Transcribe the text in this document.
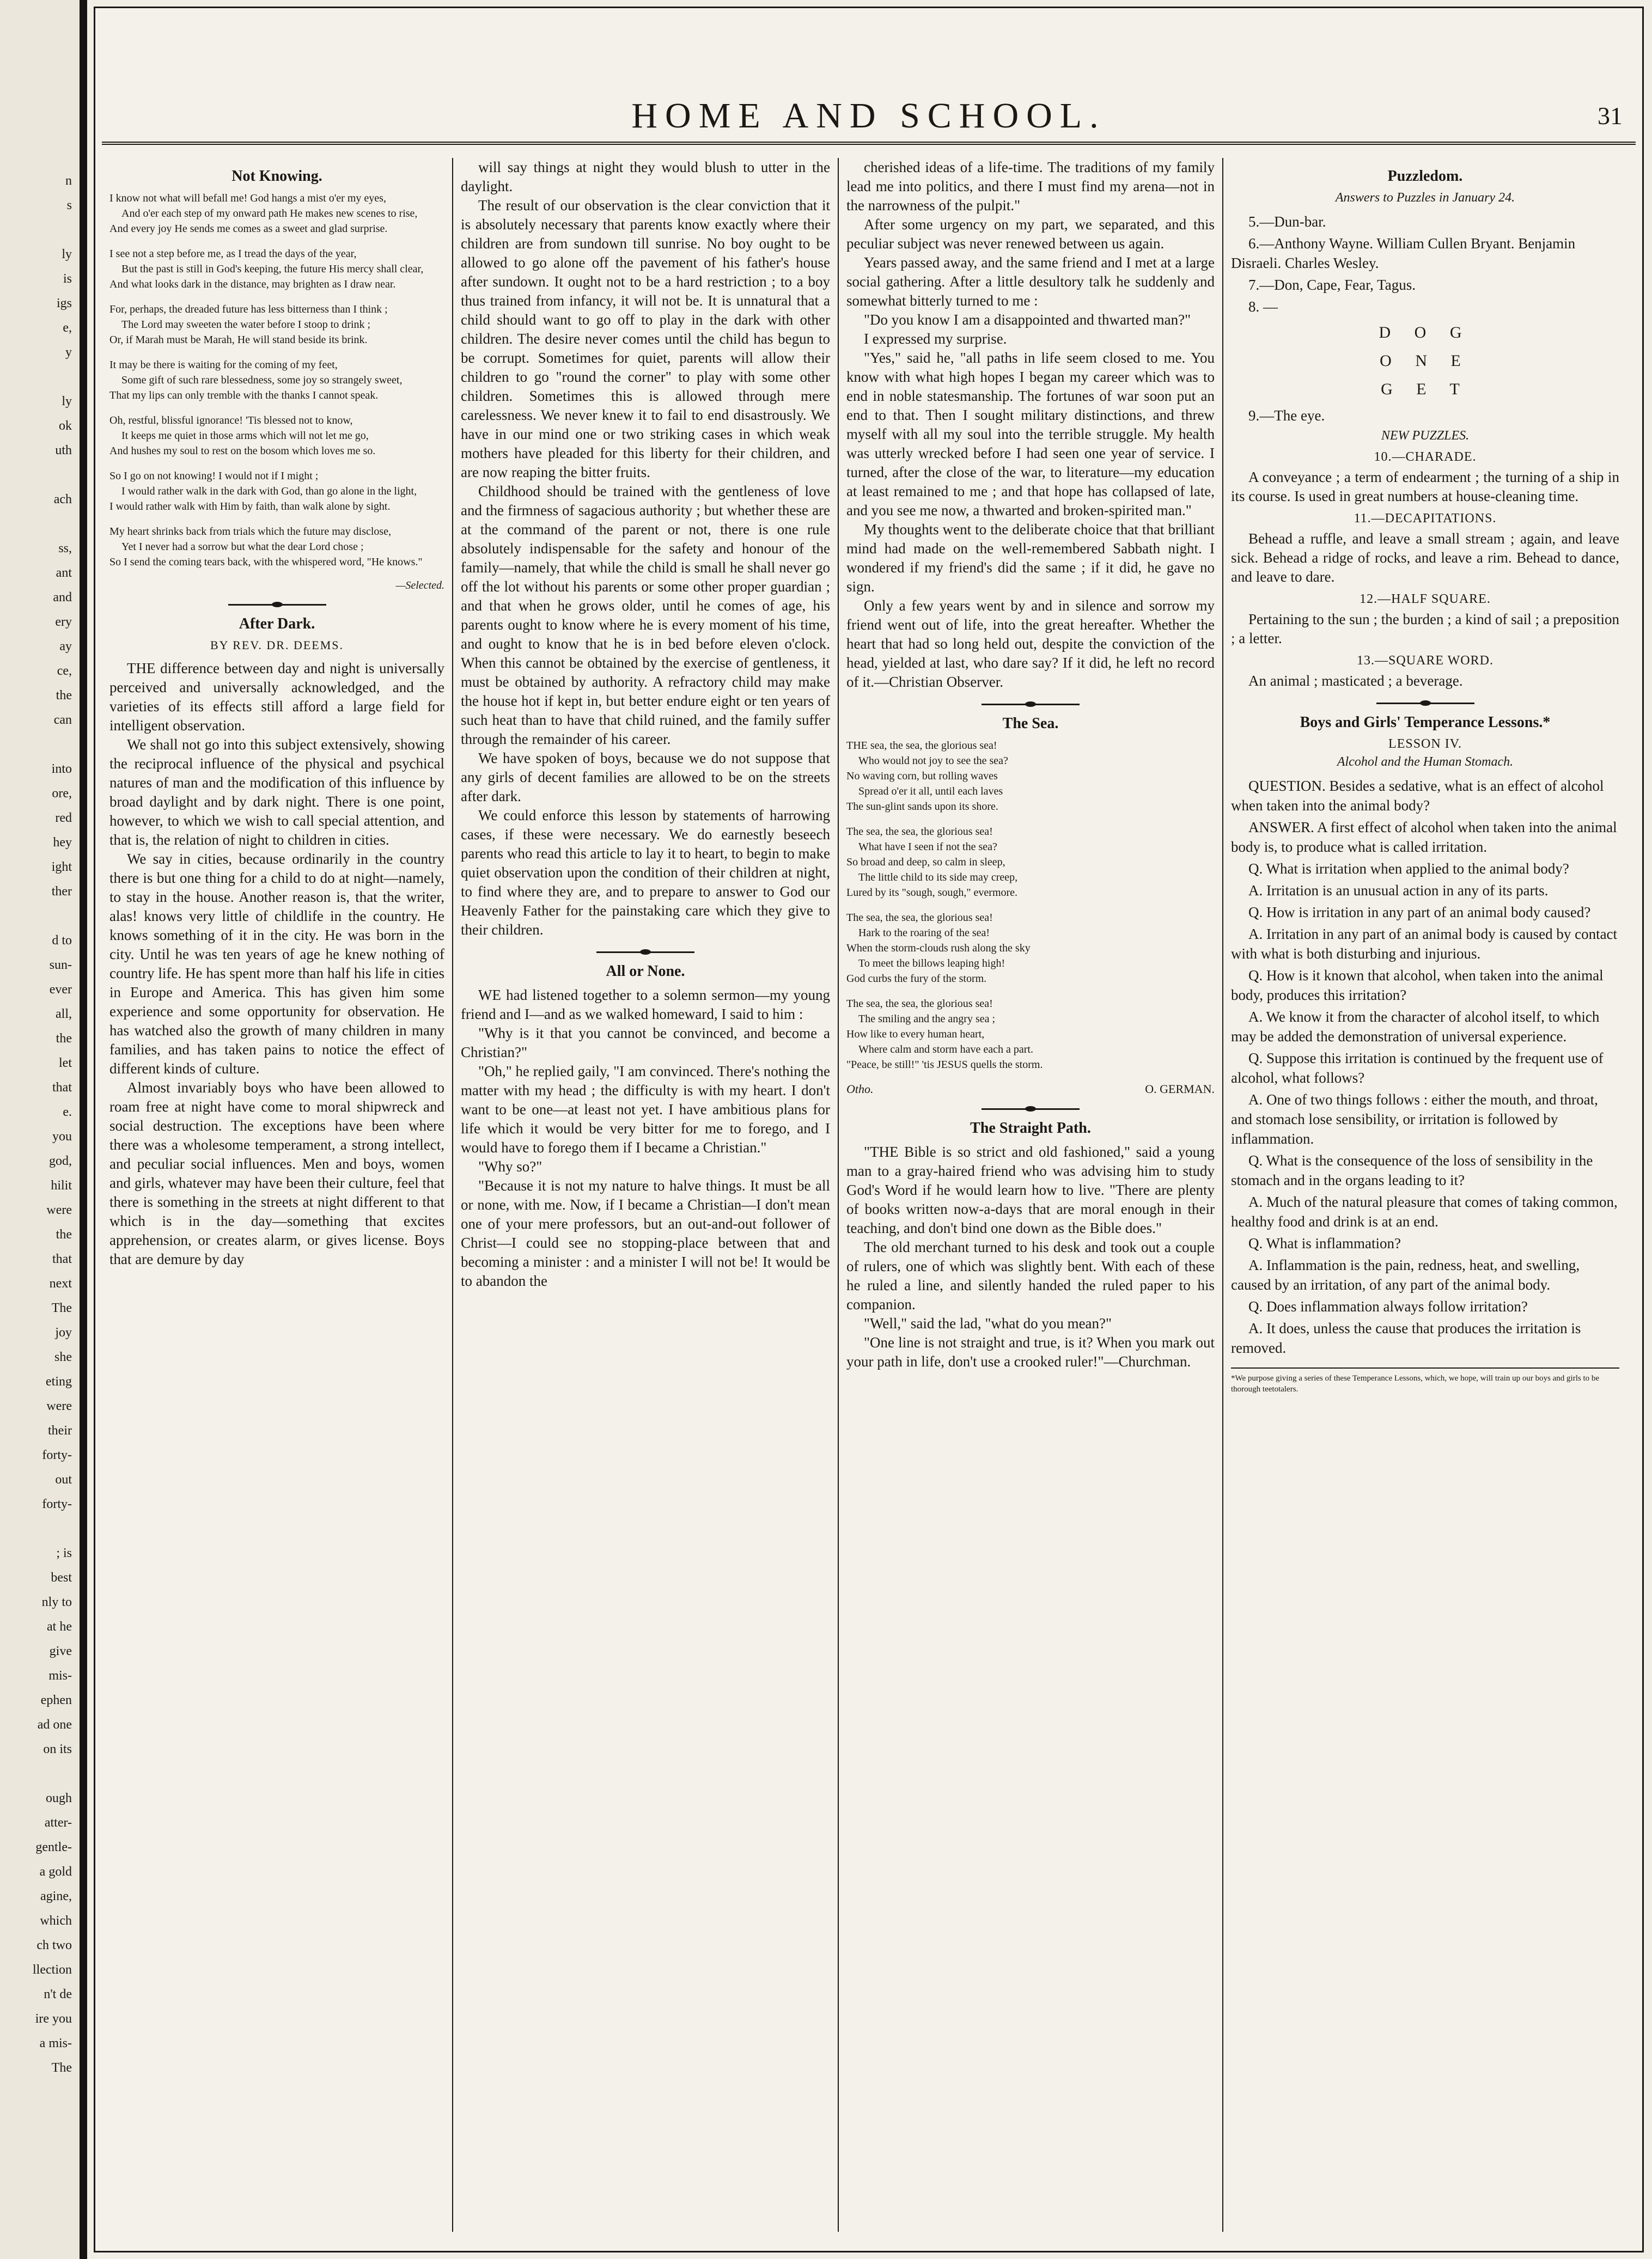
n
s
ly
is
igs
e,
y
ly
ok
uth
ach
ss,
ant
and
ery
ay
ce,
the
can
into
ore,
red
hey
ight
ther
d to
sun-
ever
all,
the
let
that
e.
you
god,
hilit
were
the
that
next
The
joy
she
eting
were
their
forty-
out
forty-
; is
best
nly to
at he
give
mis-
ephen
ad one
on its
ough
atter-
gentle-
a gold
agine,
which
ch two
llection
n't de
ire you
a mis-
The
HOME AND SCHOOL.	31
Not Knowing.

I know not what will befall me! God hangs a mist o'er my eyes,

And o'er each step of my onward path He makes new scenes to rise,

And every joy He sends me comes as a sweet and glad surprise.

I see not a step before me, as I tread the days of the year,

But the past is still in God's keeping, the future His mercy shall clear,

And what looks dark in the distance, may brighten as I draw near.

For, perhaps, the dreaded future has less bitterness than I think ;

The Lord may sweeten the water before I stoop to drink ;

Or, if Marah must be Marah, He will stand beside its brink.

It may be there is waiting for the coming of my feet,

Some gift of such rare blessedness, some joy so strangely sweet,

That my lips can only tremble with the thanks I cannot speak.

Oh, restful, blissful ignorance! 'Tis blessed not to know,

It keeps me quiet in those arms which will not let me go,

And hushes my soul to rest on the bosom which loves me so.

So I go on not knowing! I would not if I might ;

I would rather walk in the dark with God, than go alone in the light,

I would rather walk with Him by faith, than walk alone by sight.

My heart shrinks back from trials which the future may disclose,

Yet I never had a sorrow but what the dear Lord chose ;

So I send the coming tears back, with the whispered word, "He knows."

—Selected.
After Dark.
BY REV. DR. DEEMS.

THE difference between day and night is universally perceived and universally acknowledged, and the varieties of its effects still afford a large field for intelligent observation.

We shall not go into this subject extensively, showing the reciprocal influence of the physical and psychical natures of man and the modification of this influence by broad daylight and by dark night. There is one point, however, to which we wish to call special attention, and that is, the relation of night to children in cities.

We say in cities, because ordinarily in the country there is but one thing for a child to do at night—namely, to stay in the house. Another reason is, that the writer, alas! knows very little of childlife in the country. He knows something of it in the city. He was born in the city. Until he was ten years of age he knew nothing of country life. He has spent more than half his life in cities in Europe and America. This has given him some experience and some opportunity for observation. He has watched also the growth of many children in many families, and has taken pains to notice the effect of different kinds of culture.

Almost invariably boys who have been allowed to roam free at night have come to moral shipwreck and social destruction. The exceptions have been where there was a wholesome temperament, a strong intellect, and peculiar social influences. Men and boys, women and girls, whatever may have been their culture, feel that there is something in the streets at night different to that which is in the day—something that excites apprehension, or creates alarm, or gives license. Boys that are demure by day

will say things at night they would blush to utter in the daylight.

The result of our observation is the clear conviction that it is absolutely necessary that parents know exactly where their children are from sundown till sunrise. No boy ought to be allowed to go alone off the pavement of his father's house after sundown. It ought not to be a hard restriction ; to a boy thus trained from infancy, it will not be. It is unnatural that a child should want to go off to play in the dark with other children. The desire never comes until the child has begun to be corrupt. Sometimes for quiet, parents will allow their children to go "round the corner" to play with some other children. Sometimes this is allowed through mere carelessness. We never knew it to fail to end disastrously. We have in our mind one or two striking cases in which weak mothers have pleaded for this liberty for their children, and are now reaping the bitter fruits.

Childhood should be trained with the gentleness of love and the firmness of sagacious authority ; but whether these are at the command of the parent or not, there is one rule absolutely indispensable for the safety and honour of the family—namely, that while the child is small he shall never go off the lot without his parents or some other proper guardian ; and that when he grows older, until he comes of age, his parents ought to know where he is every moment of his time, and ought to know that he is in bed before eleven o'clock. When this cannot be obtained by the exercise of gentleness, it must be obtained by authority. A refractory child may make the house hot if kept in, but better endure eight or ten years of such heat than to have that child ruined, and the family suffer through the remainder of his career.

We have spoken of boys, because we do not suppose that any girls of decent families are allowed to be on the streets after dark.

We could enforce this lesson by statements of harrowing cases, if these were necessary. We do earnestly beseech parents who read this article to lay it to heart, to begin to make quiet observation upon the condition of their children at night, to find where they are, and to prepare to answer to God our Heavenly Father for the painstaking care which they give to their children.

All or None.

WE had listened together to a solemn sermon—my young friend and I—and as we walked homeward, I said to him :

"Why is it that you cannot be convinced, and become a Christian?"

"Oh," he replied gaily, "I am convinced. There's nothing the matter with my head ; the difficulty is with my heart. I don't want to be one—at least not yet. I have ambitious plans for life which it would be very bitter for me to forego, and I would have to forego them if I became a Christian."

"Why so?"

"Because it is not my nature to halve things. It must be all or none, with me. Now, if I became a Christian—I don't mean one of your mere professors, but an out-and-out follower of Christ—I could see no stopping-place between that and becoming a minister : and a minister I will not be! It would be to abandon the

cherished ideas of a life-time. The traditions of my family lead me into politics, and there I must find my arena—not in the narrowness of the pulpit."

After some urgency on my part, we separated, and this peculiar subject was never renewed between us again.

Years passed away, and the same friend and I met at a large social gathering. After a little desultory talk he suddenly and somewhat bitterly turned to me :

"Do you know I am a disappointed and thwarted man?"

I expressed my surprise.

"Yes," said he, "all paths in life seem closed to me. You know with what high hopes I began my career which was to end in noble statesmanship. The fortunes of war soon put an end to that. Then I sought military distinctions, and threw myself with all my soul into the terrible struggle. My health was utterly wrecked before I had seen one year of service. I turned, after the close of the war, to literature—my education at least remained to me ; and that hope has collapsed of late, and you see me now, a thwarted and broken-spirited man."

My thoughts went to the deliberate choice that that brilliant mind had made on the well-remembered Sabbath night. I wondered if my friend's did the same ; if it did, he gave no sign.

Only a few years went by and in silence and sorrow my friend went out of life, into the great hereafter. Whether the heart that had so long held out, despite the conviction of the head, yielded at last, who dare say? If it did, he left no record of it.—Christian Observer.

The Sea.

THE sea, the sea, the glorious sea!

Who would not joy to see the sea?

No waving corn, but rolling waves

Spread o'er it all, until each laves

The sun-glint sands upon its shore.

The sea, the sea, the glorious sea!

What have I seen if not the sea?

So broad and deep, so calm in sleep,

The little child to its side may creep,

Lured by its "sough, sough," evermore.

The sea, the sea, the glorious sea!

Hark to the roaring of the sea!

When the storm-clouds rush along the sky

To meet the billows leaping high!

God curbs the fury of the storm.

The sea, the sea, the glorious sea!

The smiling and the angry sea ;

How like to every human heart,

Where calm and storm have each a part.

"Peace, be still!" 'tis JESUS quells the storm.

Otho.	O. GERMAN.
The Straight Path.

"THE Bible is so strict and old fashioned," said a young man to a gray-haired friend who was advising him to study God's Word if he would learn how to live. "There are plenty of books written now-a-days that are moral enough in their teaching, and don't bind one down as the Bible does."

The old merchant turned to his desk and took out a couple of rulers, one of which was slightly bent. With each of these he ruled a line, and silently handed the ruled paper to his companion.

"Well," said the lad, "what do you mean?"

"One line is not straight and true, is it? When you mark out your path in life, don't use a crooked ruler!"—Churchman.

Puzzledom.
Answers to Puzzles in January 24.

5.—Dun-bar.

6.—Anthony Wayne. William Cullen Bryant. Benjamin Disraeli. Charles Wesley.

7.—Don, Cape, Fear, Tagus.

8. —

D O G
O N E
G E T

9.—The eye.

NEW PUZZLES.
10.—CHARADE.

A conveyance ; a term of endearment ; the turning of a ship in its course. Is used in great numbers at house-cleaning time.

11.—DECAPITATIONS.

Behead a ruffle, and leave a small stream ; again, and leave sick. Behead a ridge of rocks, and leave a rim. Behead to dance, and leave to dare.

12.—HALF SQUARE.

Pertaining to the sun ; the burden ; a kind of sail ; a preposition ; a letter.

13.—SQUARE WORD.

An animal ; masticated ; a beverage.

Boys and Girls' Temperance Lessons.*
LESSON IV.
Alcohol and the Human Stomach.

QUESTION. Besides a sedative, what is an effect of alcohol when taken into the animal body?

ANSWER. A first effect of alcohol when taken into the animal body is, to produce what is called irritation.

Q. What is irritation when applied to the animal body?

A. Irritation is an unusual action in any of its parts.

Q. How is irritation in any part of an animal body caused?

A. Irritation in any part of an animal body is caused by contact with what is both disturbing and injurious.

Q. How is it known that alcohol, when taken into the animal body, produces this irritation?

A. We know it from the character of alcohol itself, to which may be added the demonstration of universal experience.

Q. Suppose this irritation is continued by the frequent use of alcohol, what follows?

A. One of two things follows : either the mouth, and throat, and stomach lose sensibility, or irritation is followed by inflammation.

Q. What is the consequence of the loss of sensibility in the stomach and in the organs leading to it?

A. Much of the natural pleasure that comes of taking common, healthy food and drink is at an end.

Q. What is inflammation?

A. Inflammation is the pain, redness, heat, and swelling, caused by an irritation, of any part of the animal body.

Q. Does inflammation always follow irritation?

A. It does, unless the cause that produces the irritation is removed.

*We purpose giving a series of these Temperance Lessons, which, we hope, will train up our boys and girls to be thorough teetotalers.
